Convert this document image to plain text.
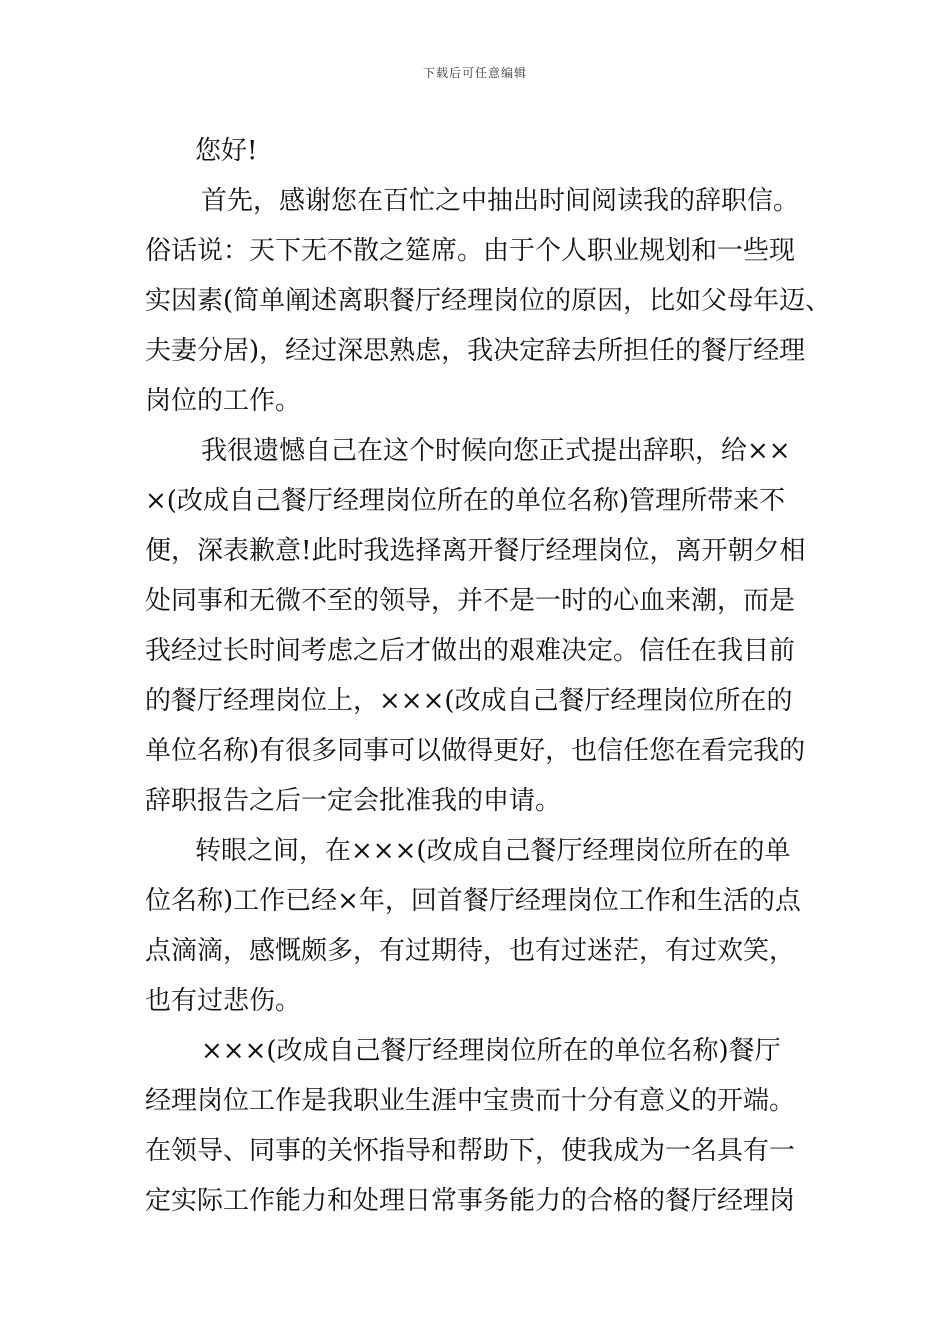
下载后可任意编辑
您好!
首先，感谢您在百忙之中抽出时间阅读我的辞职信。
俗话说：天下无不散之筵席。由于个人职业规划和一些现
实因素(简单阐述离职餐厅经理岗位的原因，比如父母年迈、
夫妻分居)，经过深思熟虑，我决定辞去所担任的餐厅经理
岗位的工作。
我很遗憾自己在这个时候向您正式提出辞职，给××
×(改成自己餐厅经理岗位所在的单位名称)管理所带来不
便，深表歉意!此时我选择离开餐厅经理岗位，离开朝夕相
处同事和无微不至的领导，并不是一时的心血来潮，而是
我经过长时间考虑之后才做出的艰难决定。信任在我目前
的餐厅经理岗位上，×××(改成自己餐厅经理岗位所在的
单位名称)有很多同事可以做得更好，也信任您在看完我的
辞职报告之后一定会批准我的申请。
转眼之间，在×××(改成自己餐厅经理岗位所在的单
位名称)工作已经×年，回首餐厅经理岗位工作和生活的点
点滴滴，感慨颇多，有过期待，也有过迷茫，有过欢笑，
也有过悲伤。
×××(改成自己餐厅经理岗位所在的单位名称)餐厅
经理岗位工作是我职业生涯中宝贵而十分有意义的开端。
在领导、同事的关怀指导和帮助下，使我成为一名具有一
定实际工作能力和处理日常事务能力的合格的餐厅经理岗
